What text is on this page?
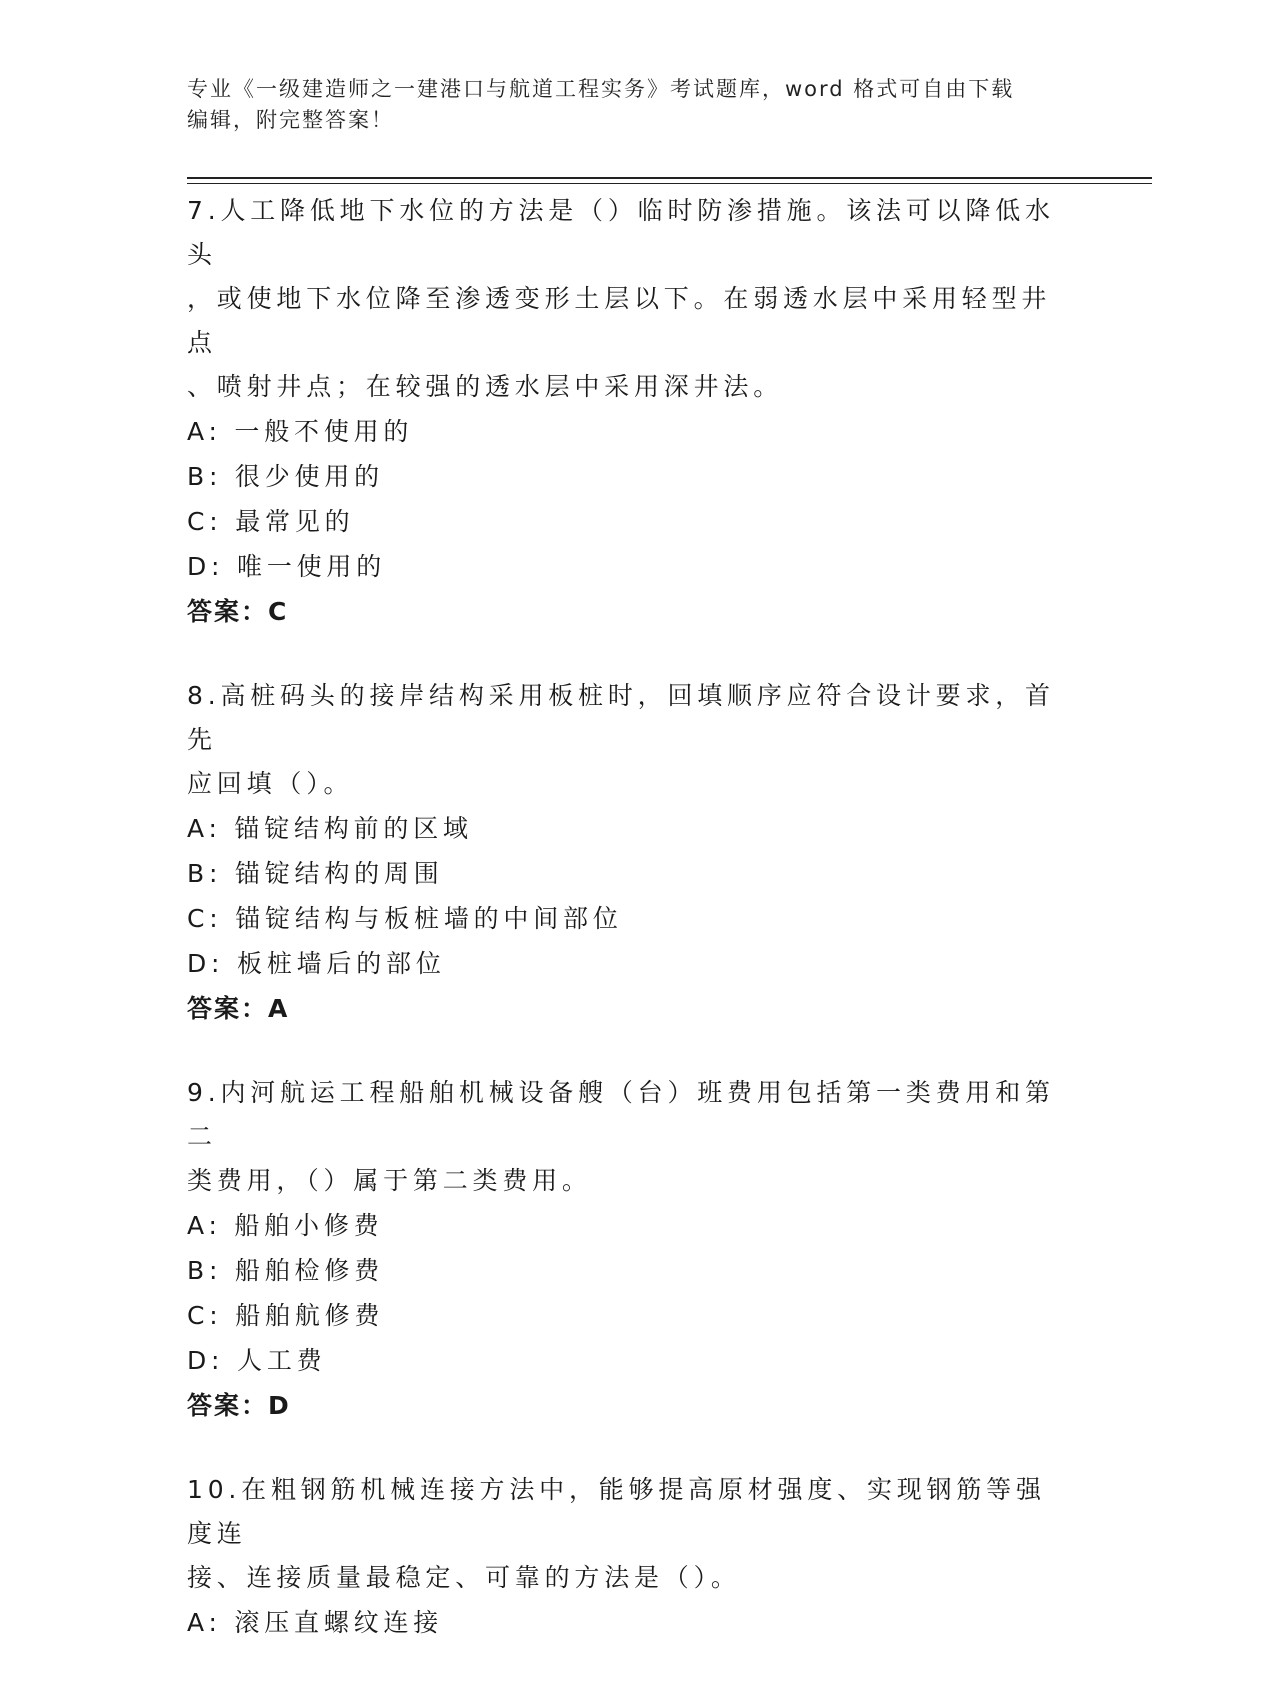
专业《一级建造师之一建港口与航道工程实务》考试题库，word 格式可自由下载
编辑，附完整答案！

7.人工降低地下水位的方法是（）临时防渗措施。该法可以降低水头

，或使地下水位降至渗透变形土层以下。在弱透水层中采用轻型井点

、喷射井点；在较强的透水层中采用深井法。

A: 一般不使用的

B: 很少使用的

C: 最常见的

D: 唯一使用的

答案：C

8.高桩码头的接岸结构采用板桩时，回填顺序应符合设计要求，首先

应回填（）。

A: 锚锭结构前的区域

B: 锚锭结构的周围

C: 锚锭结构与板桩墙的中间部位

D: 板桩墙后的部位

答案：A

9.内河航运工程船舶机械设备艘（台）班费用包括第一类费用和第二

类费用，（）属于第二类费用。

A: 船舶小修费

B: 船舶检修费

C: 船舶航修费

D: 人工费

答案：D

10.在粗钢筋机械连接方法中，能够提高原材强度、实现钢筋等强度连

接、连接质量最稳定、可靠的方法是（）。

A: 滚压直螺纹连接
